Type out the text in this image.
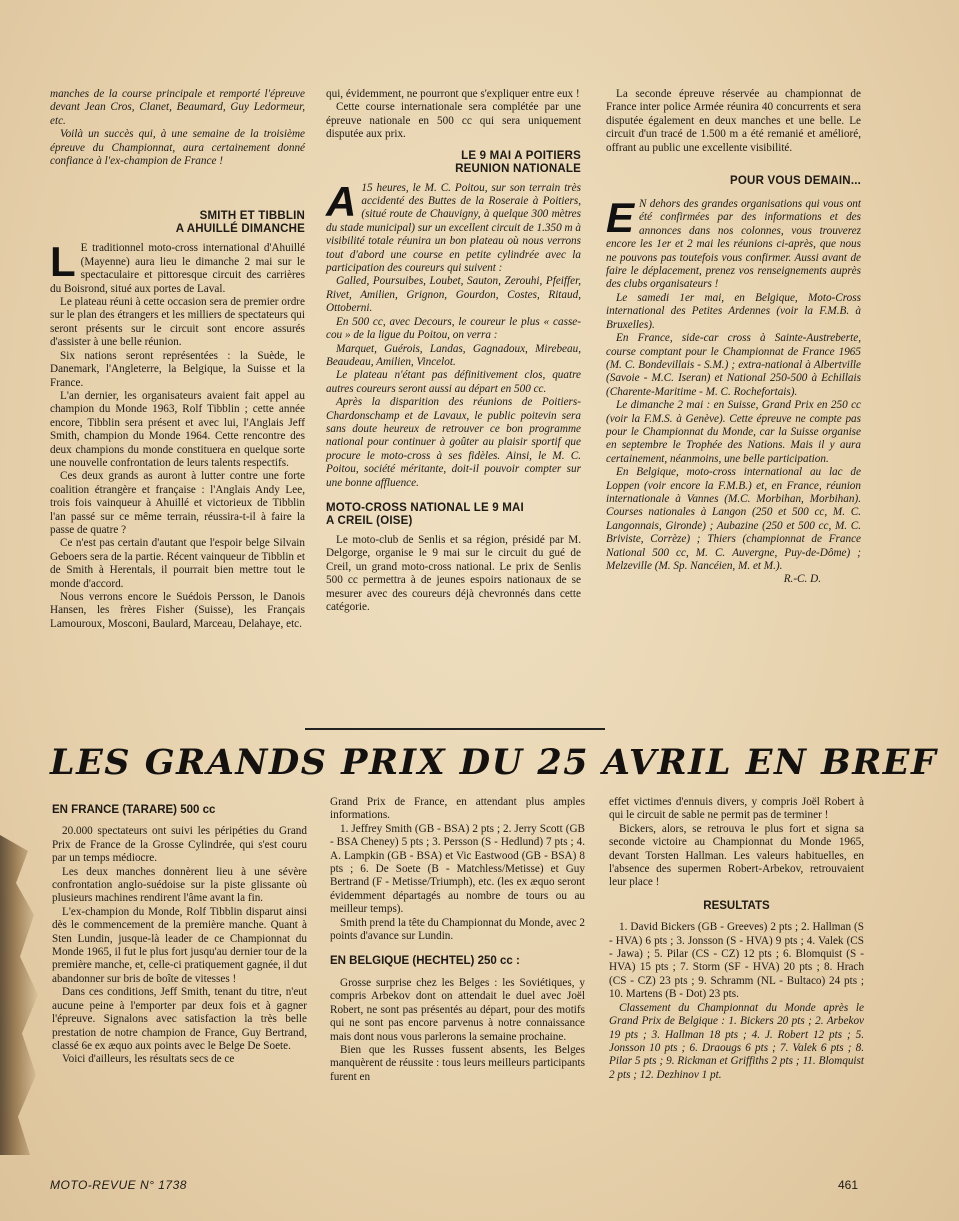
manches de la course principale et remporté l'épreuve devant Jean Cros, Clanet, Beaumard, Guy Ledormeur, etc.

Voilà un succès qui, à une semaine de la troisième épreuve du Championnat, aura certainement donné confiance à l'ex-champion de France !

SMITH ET TIBBLIN
A AHUILLÉ DIMANCHE

L E traditionnel moto-cross international d'Ahuillé (Mayenne) aura lieu le dimanche 2 mai sur le spectaculaire et pittoresque circuit des carrières du Boisrond, situé aux portes de Laval.

Le plateau réuni à cette occasion sera de premier ordre sur le plan des étrangers et les milliers de spectateurs qui seront présents sur le circuit sont encore assurés d'assister à une belle réunion.

Six nations seront représentées : la Suède, le Danemark, l'Angleterre, la Belgique, la Suisse et la France.

L'an dernier, les organisateurs avaient fait appel au champion du Monde 1963, Rolf Tibblin ; cette année encore, Tibblin sera présent et avec lui, l'Anglais Jeff Smith, champion du Monde 1964. Cette rencontre des deux champions du monde constituera en quelque sorte une nouvelle confrontation de leurs talents respectifs.

Ces deux grands as auront à lutter contre une forte coalition étrangère et française : l'Anglais Andy Lee, trois fois vainqueur à Ahuillé et victorieux de Tibblin l'an passé sur ce même terrain, réussira-t-il à faire la passe de quatre ?

Ce n'est pas certain d'autant que l'espoir belge Silvain Geboers sera de la partie. Récent vainqueur de Tibblin et de Smith à Herentals, il pourrait bien mettre tout le monde d'accord.

Nous verrons encore le Suédois Persson, le Danois Hansen, les frères Fisher (Suisse), les Français Lamouroux, Mosconi, Baulard, Marceau, Delahaye, etc.

qui, évidemment, ne pourront que s'expliquer entre eux !

Cette course internationale sera complétée par une épreuve nationale en 500 cc qui sera uniquement disputée aux prix.

LE 9 MAI A POITIERS
REUNION NATIONALE

A 15 heures, le M. C. Poitou, sur son terrain très accidenté des Buttes de la Roseraie à Poitiers, (situé route de Chauvigny, à quelque 300 mètres du stade municipal) sur un excellent circuit de 1.350 m à visibilité totale réunira un bon plateau où nous verrons tout d'abord une course en petite cylindrée avec la participation des coureurs qui suivent :

Galled, Poursuibes, Loubet, Sauton, Zerouhi, Pfeiffer, Rivet, Amilien, Grignon, Gourdon, Costes, Ritaud, Ottoberni.

En 500 cc, avec Decours, le coureur le plus « casse-cou » de la ligue du Poitou, on verra :

Marquet, Guérois, Landas, Gagnadoux, Mirebeau, Beaudeau, Amilien, Vincelot.

Le plateau n'étant pas définitivement clos, quatre autres coureurs seront aussi au départ en 500 cc.

Après la disparition des réunions de Poitiers-Chardonschamp et de Lavaux, le public poitevin sera sans doute heureux de retrouver ce bon programme national pour continuer à goûter au plaisir sportif que procure le moto-cross à ses fidèles. Ainsi, le M. C. Poitou, société méritante, doit-il pouvoir compter sur une bonne affluence.

MOTO-CROSS NATIONAL LE 9 MAI
A CREIL (OISE)

Le moto-club de Senlis et sa région, présidé par M. Delgorge, organise le 9 mai sur le circuit du gué de Creil, un grand moto-cross national. Le prix de Senlis 500 cc permettra à de jeunes espoirs nationaux de se mesurer avec des coureurs déjà chevronnés dans cette catégorie.

La seconde épreuve réservée au championnat de France inter police Armée réunira 40 concurrents et sera disputée également en deux manches et une belle. Le circuit d'un tracé de 1.500 m a été remanié et amélioré, offrant au public une excellente visibilité.

POUR VOUS DEMAIN...

E N dehors des grandes organisations qui vous ont été confirmées par des informations et des annonces dans nos colonnes, vous trouverez encore les 1er et 2 mai les réunions ci-après, que nous ne pouvons pas toutefois vous confirmer. Aussi avant de faire le déplacement, prenez vos renseignements auprès des clubs organisateurs !

Le samedi 1er mai, en Belgique, Moto-Cross international des Petites Ardennes (voir la F.M.B. à Bruxelles).

En France, side-car cross à Sainte-Austreberte, course comptant pour le Championnat de France 1965 (M. C. Bondevillais - S.M.) ; extra-national à Albertville (Savoie - M.C. Iseran) et National 250-500 à Echillais (Charente-Maritime - M. C. Rochefortais).

Le dimanche 2 mai : en Suisse, Grand Prix en 250 cc (voir la F.M.S. à Genève). Cette épreuve ne compte pas pour le Championnat du Monde, car la Suisse organise en septembre le Trophée des Nations. Mais il y aura certainement, néanmoins, une belle participation.

En Belgique, moto-cross international au lac de Loppen (voir encore la F.M.B.) et, en France, réunion internationale à Vannes (M.C. Morbihan, Morbihan). Courses nationales à Langon (250 et 500 cc, M. C. Langonnais, Gironde) ; Aubazine (250 et 500 cc, M. C. Briviste, Corrèze) ; Thiers (championnat de France National 500 cc, M. C. Auvergne, Puy-de-Dôme) ; Melzeville (M. Sp. Nancéien, M. et M.).

R.-C. D.

LES GRANDS PRIX DU 25 AVRIL EN BREF
EN FRANCE (TARARE) 500 cc

20.000 spectateurs ont suivi les péripéties du Grand Prix de France de la Grosse Cylindrée, qui s'est couru par un temps médiocre.

Les deux manches donnèrent lieu à une sévère confrontation anglo-suédoise sur la piste glissante où plusieurs machines rendirent l'âme avant la fin.

L'ex-champion du Monde, Rolf Tibblin disparut ainsi dès le commencement de la première manche. Quant à Sten Lundin, jusque-là leader de ce Championnat du Monde 1965, il fut le plus fort jusqu'au dernier tour de la première manche, et, celle-ci pratiquement gagnée, il dut abandonner sur bris de boîte de vitesses !

Dans ces conditions, Jeff Smith, tenant du titre, n'eut aucune peine à l'emporter par deux fois et à gagner l'épreuve. Signalons avec satisfaction la très belle prestation de notre champion de France, Guy Bertrand, classé 6e ex æquo aux points avec le Belge De Soete.

Voici d'ailleurs, les résultats secs de ce

Grand Prix de France, en attendant plus amples informations.

1. Jeffrey Smith (GB - BSA) 2 pts ; 2. Jerry Scott (GB - BSA Cheney) 5 pts ; 3. Persson (S - Hedlund) 7 pts ; 4. A. Lampkin (GB - BSA) et Vic Eastwood (GB - BSA) 8 pts ; 6. De Soete (B - Matchless/Metisse) et Guy Bertrand (F - Metisse/Triumph), etc. (les ex æquo seront évidemment départagés au nombre de tours ou au meilleur temps).

Smith prend la tête du Championnat du Monde, avec 2 points d'avance sur Lundin.

EN BELGIQUE (HECHTEL) 250 cc :

Grosse surprise chez les Belges : les Soviétiques, y compris Arbekov dont on attendait le duel avec Joël Robert, ne sont pas présentés au départ, pour des motifs qui ne sont pas encore parvenus à notre connaissance mais dont nous vous parlerons la semaine prochaine.

Bien que les Russes fussent absents, les Belges manquèrent de réussite : tous leurs meilleurs participants furent en

effet victimes d'ennuis divers, y compris Joël Robert à qui le circuit de sable ne permit pas de terminer !

Bickers, alors, se retrouva le plus fort et signa sa seconde victoire au Championnat du Monde 1965, devant Torsten Hallman. Les valeurs habituelles, en l'absence des supermen Robert-Arbekov, retrouvaient leur place !

RESULTATS

1. David Bickers (GB - Greeves) 2 pts ; 2. Hallman (S - HVA) 6 pts ; 3. Jonsson (S - HVA) 9 pts ; 4. Valek (CS - Jawa) ; 5. Pilar (CS - CZ) 12 pts ; 6. Blomquist (S - HVA) 15 pts ; 7. Storm (SF - HVA) 20 pts ; 8. Hrach (CS - CZ) 23 pts ; 9. Schramm (NL - Bultaco) 24 pts ; 10. Martens (B - Dot) 23 pts.

Classement du Championnat du Monde après le Grand Prix de Belgique : 1. Bickers 20 pts ; 2. Arbekov 19 pts ; 3. Hallman 18 pts ; 4. J. Robert 12 pts ; 5. Jonsson 10 pts ; 6. Draougs 6 pts ; 7. Valek 6 pts ; 8. Pilar 5 pts ; 9. Rickman et Griffiths 2 pts ; 11. Blomquist 2 pts ; 12. Dezhinov 1 pt.

MOTO-REVUE N° 1738	461
